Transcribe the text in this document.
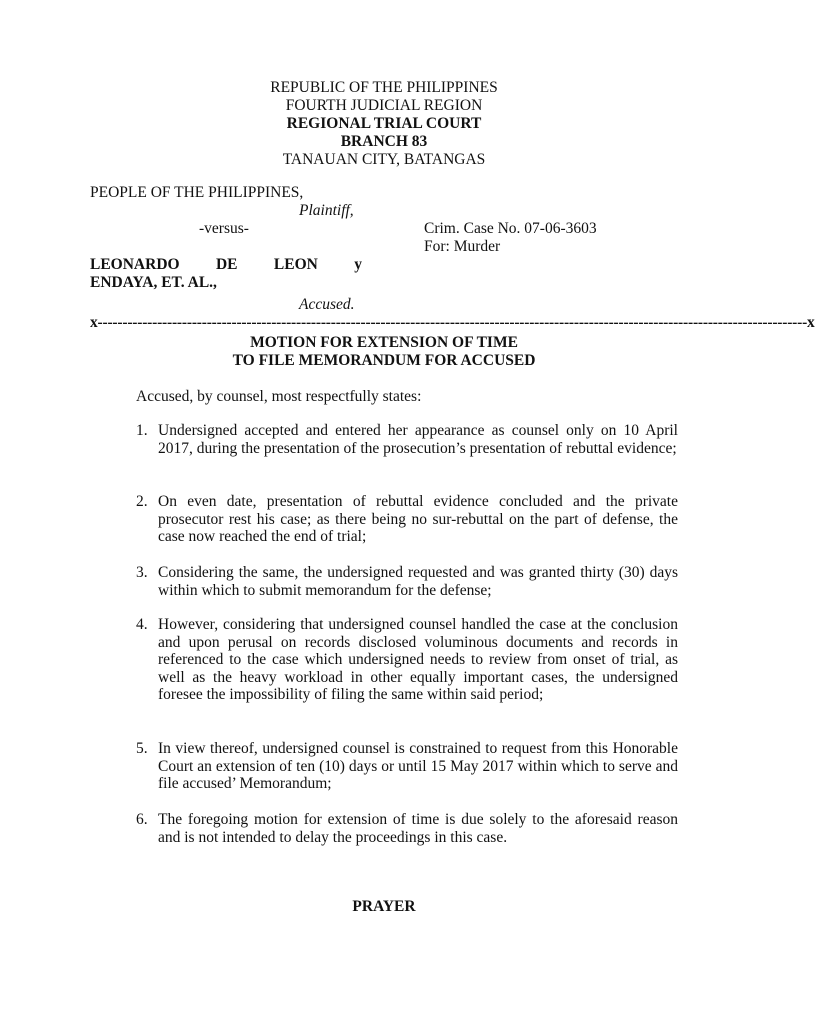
REPUBLIC OF THE PHILIPPINES
FOURTH JUDICIAL REGION
REGIONAL TRIAL COURT
BRANCH 83
TANAUAN CITY, BATANGAS
PEOPLE OF THE PHILIPPINES,
Plaintiff,
-versus-	Crim. Case No. 07-06-3603
For: Murder
LEONARDO DE LEON y
ENDAYA, ET. AL.,
Accused.
x-----------------------------------------------------------------------------------------------------------------------------------------------x
MOTION FOR EXTENSION OF TIME
TO FILE MEMORANDUM FOR ACCUSED
Accused, by counsel, most respectfully states:
1. Undersigned accepted and entered her appearance as counsel only on 10 April 2017, during the presentation of the prosecution’s presentation of rebuttal evidence;
2. On even date, presentation of rebuttal evidence concluded and the private prosecutor rest his case; as there being no sur-rebuttal on the part of defense, the case now reached the end of trial;
3. Considering the same, the undersigned requested and was granted thirty (30) days within which to submit memorandum for the defense;
4. However, considering that undersigned counsel handled the case at the conclusion and upon perusal on records disclosed voluminous documents and records in referenced to the case which undersigned needs to review from onset of trial, as well as the heavy workload in other equally important cases, the undersigned foresee the impossibility of filing the same within said period;
5. In view thereof, undersigned counsel is constrained to request from this Honorable Court an extension of ten (10) days or until 15 May 2017 within which to serve and file accused’ Memorandum;
6. The foregoing motion for extension of time is due solely to the aforesaid reason and is not intended to delay the proceedings in this case.
PRAYER
